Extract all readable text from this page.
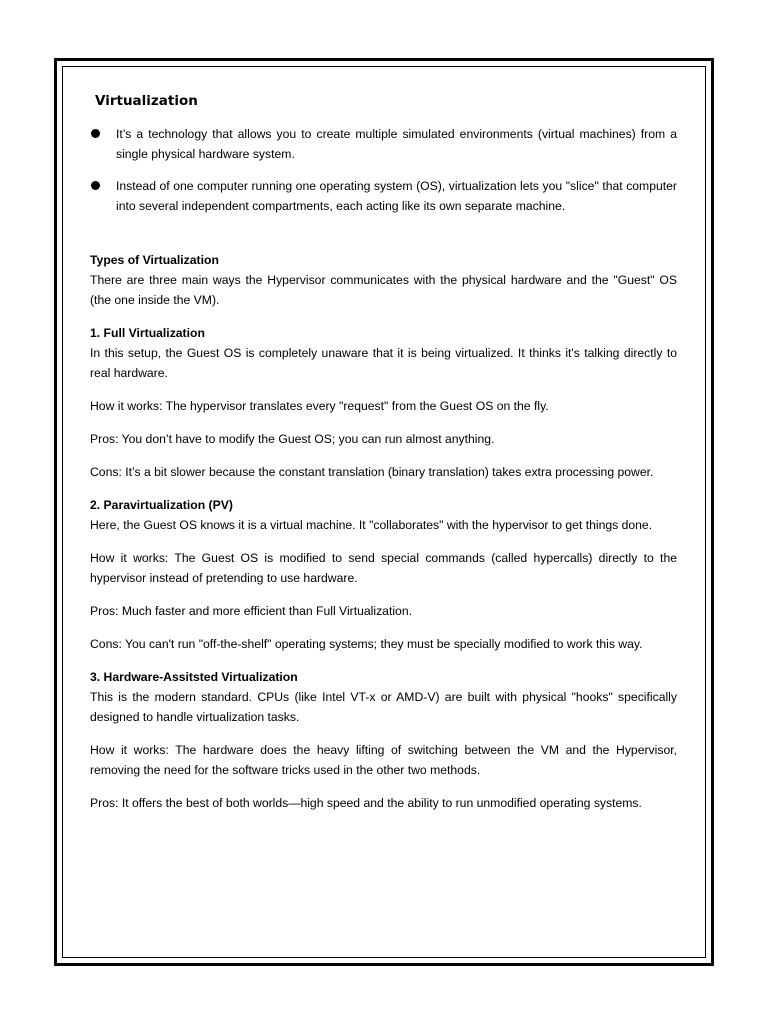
Virtualization
It’s a technology that allows you to create multiple simulated environments (virtual machines) from a single physical hardware system.
Instead of one computer running one operating system (OS), virtualization lets you "slice" that computer into several independent compartments, each acting like its own separate machine.

Types of Virtualization

There are three main ways the Hypervisor communicates with the physical hardware and the "Guest" OS (the one inside the VM).

1. Full Virtualization

In this setup, the Guest OS is completely unaware that it is being virtualized. It thinks it's talking directly to real hardware.

How it works: The hypervisor translates every "request" from the Guest OS on the fly.

Pros: You don’t have to modify the Guest OS; you can run almost anything.

Cons: It’s a bit slower because the constant translation (binary translation) takes extra processing power.

2. Paravirtualization (PV)

Here, the Guest OS knows it is a virtual machine. It "collaborates" with the hypervisor to get things done.

How it works: The Guest OS is modified to send special commands (called hypercalls) directly to the hypervisor instead of pretending to use hardware.

Pros: Much faster and more efficient than Full Virtualization.

Cons: You can't run "off-the-shelf" operating systems; they must be specially modified to work this way.

3. Hardware-Assitsted Virtualization

This is the modern standard. CPUs (like Intel VT-x or AMD-V) are built with physical "hooks" specifically designed to handle virtualization tasks.

How it works: The hardware does the heavy lifting of switching between the VM and the Hypervisor, removing the need for the software tricks used in the other two methods.

Pros: It offers the best of both worlds—high speed and the ability to run unmodified operating systems.
